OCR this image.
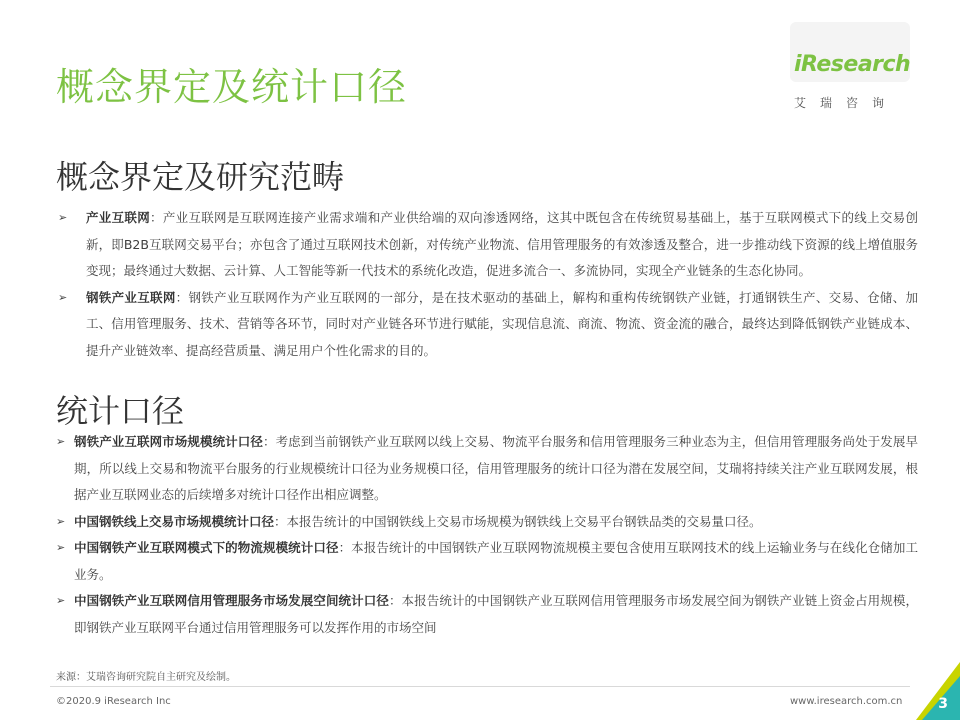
概念界定及统计口径
iResearch
艾瑞咨询
概念界定及研究范畴
➢ 产业互联网：产业互联网是互联网连接产业需求端和产业供给端的双向渗透网络，这其中既包含在传统贸易基础上，基于互联网模式下的线上交易创新，即B2B互联网交易平台；亦包含了通过互联网技术创新，对传统产业物流、信用管理服务的有效渗透及整合，进一步推动线下资源的线上增值服务变现；最终通过大数据、云计算、人工智能等新一代技术的系统化改造，促进多流合一、多流协同，实现全产业链条的生态化协同。
➢ 钢铁产业互联网：钢铁产业互联网作为产业互联网的一部分，是在技术驱动的基础上，解构和重构传统钢铁产业链，打通钢铁生产、交易、仓储、加工、信用管理服务、技术、营销等各环节，同时对产业链各环节进行赋能，实现信息流、商流、物流、资金流的融合，最终达到降低钢铁产业链成本、提升产业链效率、提高经营质量、满足用户个性化需求的目的。
统计口径
➢ 钢铁产业互联网市场规模统计口径：考虑到当前钢铁产业互联网以线上交易、物流平台服务和信用管理服务三种业态为主，但信用管理服务尚处于发展早期，所以线上交易和物流平台服务的行业规模统计口径为业务规模口径，信用管理服务的统计口径为潜在发展空间，艾瑞将持续关注产业互联网发展，根据产业互联网业态的后续增多对统计口径作出相应调整。
➢ 中国钢铁线上交易市场规模统计口径：本报告统计的中国钢铁线上交易市场规模为钢铁线上交易平台钢铁品类的交易量口径。
➢ 中国钢铁产业互联网模式下的物流规模统计口径：本报告统计的中国钢铁产业互联网物流规模主要包含使用互联网技术的线上运输业务与在线化仓储加工业务。
➢ 中国钢铁产业互联网信用管理服务市场发展空间统计口径：本报告统计的中国钢铁产业互联网信用管理服务市场发展空间为钢铁产业链上资金占用规模，即钢铁产业互联网平台通过信用管理服务可以发挥作用的市场空间
来源：艾瑞咨询研究院自主研究及绘制。
©2020.9 iResearch Inc	www.iresearch.com.cn	3
